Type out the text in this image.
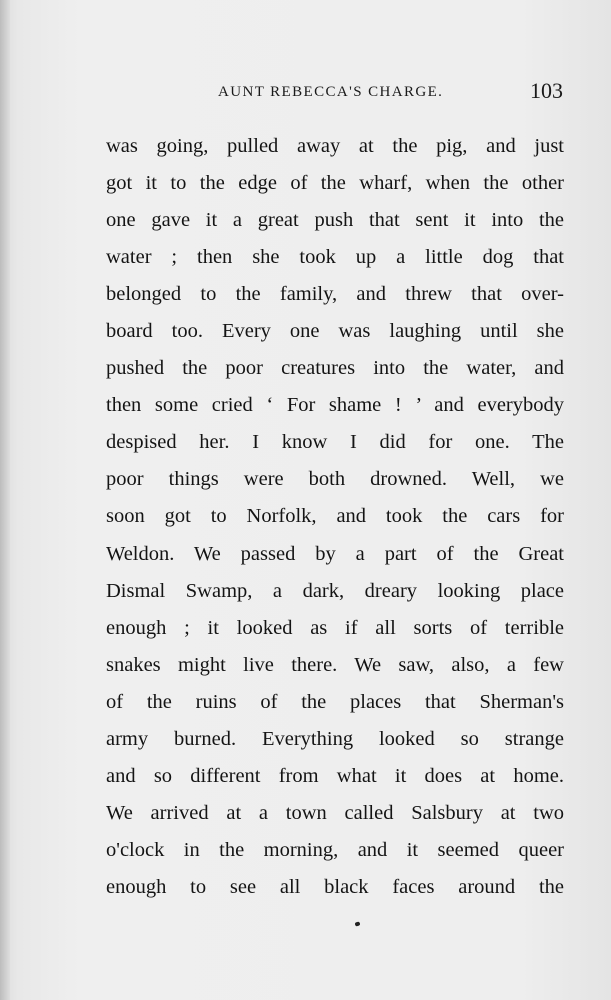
AUNT REBECCA'S CHARGE.	103
was going, pulled away at the pig, and just
got it to the edge of the wharf, when the other
one gave it a great push that sent it into the
water ; then she took up a little dog that
belonged to the family, and threw that over-
board too. Every one was laughing until she
pushed the poor creatures into the water, and
then some cried ‘ For shame ! ’ and everybody
despised her. I know I did for one. The
poor things were both drowned. Well, we
soon got to Norfolk, and took the cars for
Weldon. We passed by a part of the Great
Dismal Swamp, a dark, dreary looking place
enough ; it looked as if all sorts of terrible
snakes might live there. We saw, also, a few
of the ruins of the places that Sherman's
army burned. Everything looked so strange
and so different from what it does at home.
We arrived at a town called Salsbury at two
o'clock in the morning, and it seemed queer
enough to see all black faces around the
